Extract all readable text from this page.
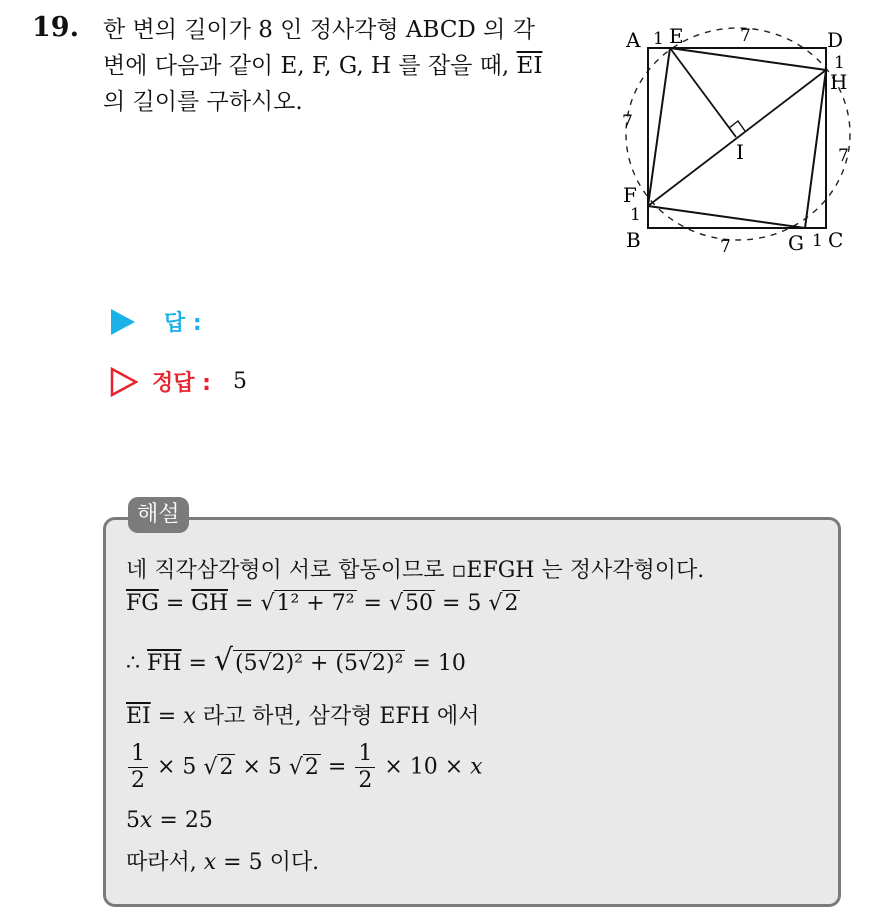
19. 한 변의 길이가 8 인 정사각형 ABCD 의 각
변에 다음과 같이 E, F, G, H 를 잡을 때, $\overline{EI}$
의 길이를 구하시오.
A E	D
H
I
F
B	G C
1	7
1
7
1
7
1
7
답 :
정답 : 5
해설
네 직각삼각형이 서로 합동이므로 ▫EFGH 는 정사각형이다.
$\overline{FG} = \overline{GH} = √1^2 + 7^2 = √50 = 5$ √2
∴ $\overline{FH} = √(5√2)^2 + (5√2)^2 = 10$
$\overline{EI} = x$ 라고 하면, 삼각형 EFH 에서
$\frac{1}{2} \times 5$ √2 × 5 $√2 = \frac{1}{2} \times 10 \times x$
5x = 25
따라서, x = 5 이다.
